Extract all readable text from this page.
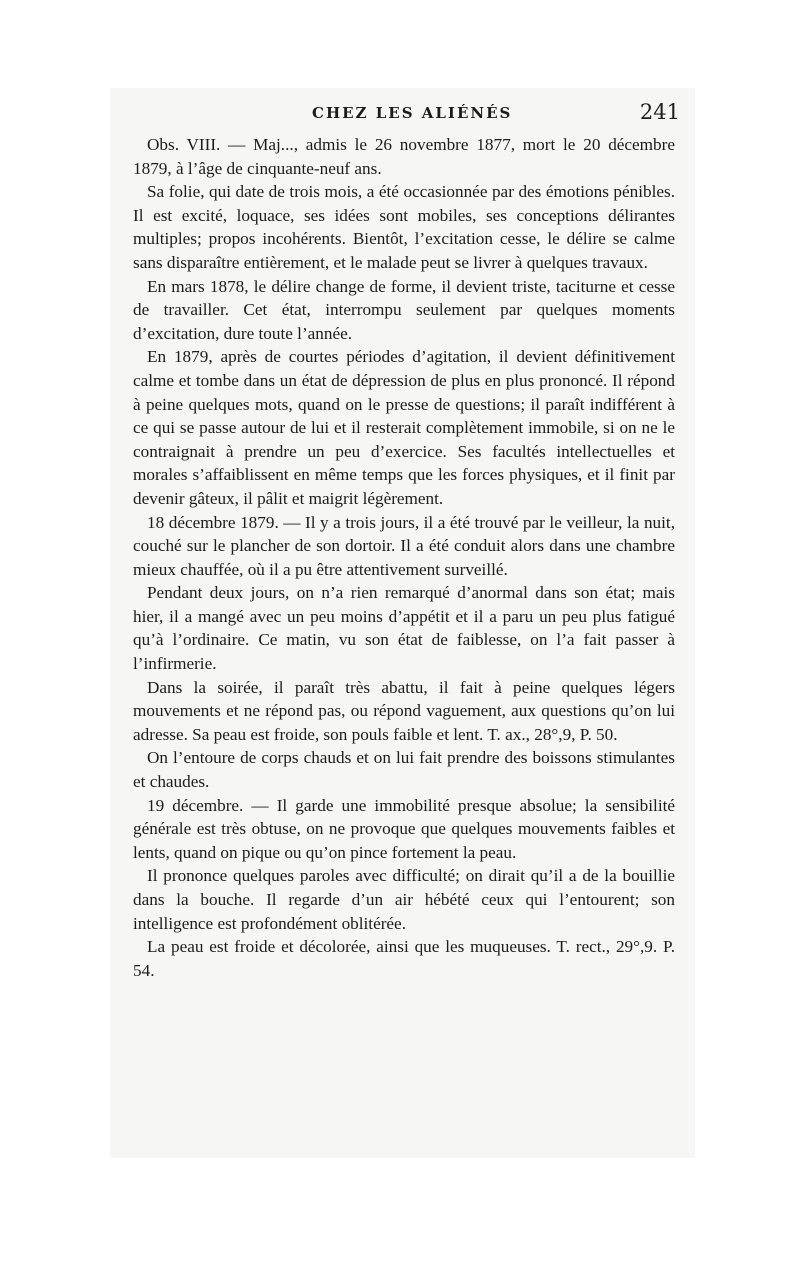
CHEZ LES ALIÉNÉS	241

Obs. VIII. — Maj..., admis le 26 novembre 1877, mort le 20 décembre 1879, à l’âge de cinquante-neuf ans.

Sa folie, qui date de trois mois, a été occasionnée par des émotions pénibles. Il est excité, loquace, ses idées sont mobiles, ses conceptions délirantes multiples; propos incohérents. Bientôt, l’excitation cesse, le délire se calme sans disparaître entièrement, et le malade peut se livrer à quelques travaux.

En mars 1878, le délire change de forme, il devient triste, taciturne et cesse de travailler. Cet état, interrompu seulement par quelques moments d’excitation, dure toute l’année.

En 1879, après de courtes périodes d’agitation, il devient définitivement calme et tombe dans un état de dépression de plus en plus prononcé. Il répond à peine quelques mots, quand on le presse de questions; il paraît indifférent à ce qui se passe autour de lui et il resterait complètement immobile, si on ne le contraignait à prendre un peu d’exercice. Ses facultés intellectuelles et morales s’affaiblissent en même temps que les forces physiques, et il finit par devenir gâteux, il pâlit et maigrit légèrement.

18 décembre 1879. — Il y a trois jours, il a été trouvé par le veilleur, la nuit, couché sur le plancher de son dortoir. Il a été conduit alors dans une chambre mieux chauffée, où il a pu être attentivement surveillé.

Pendant deux jours, on n’a rien remarqué d’anormal dans son état; mais hier, il a mangé avec un peu moins d’appétit et il a paru un peu plus fatigué qu’à l’ordinaire. Ce matin, vu son état de faiblesse, on l’a fait passer à l’infirmerie.

Dans la soirée, il paraît très abattu, il fait à peine quelques légers mouvements et ne répond pas, ou répond vaguement, aux questions qu’on lui adresse. Sa peau est froide, son pouls faible et lent. T. ax., 28°,9, P. 50.

On l’entoure de corps chauds et on lui fait prendre des boissons stimulantes et chaudes.

19 décembre. — Il garde une immobilité presque absolue; la sensibilité générale est très obtuse, on ne provoque que quelques mouvements faibles et lents, quand on pique ou qu’on pince fortement la peau.

Il prononce quelques paroles avec difficulté; on dirait qu’il a de la bouillie dans la bouche. Il regarde d’un air hébété ceux qui l’entourent; son intelligence est profondément oblitérée.

La peau est froide et décolorée, ainsi que les muqueuses. T. rect., 29°,9. P. 54.
